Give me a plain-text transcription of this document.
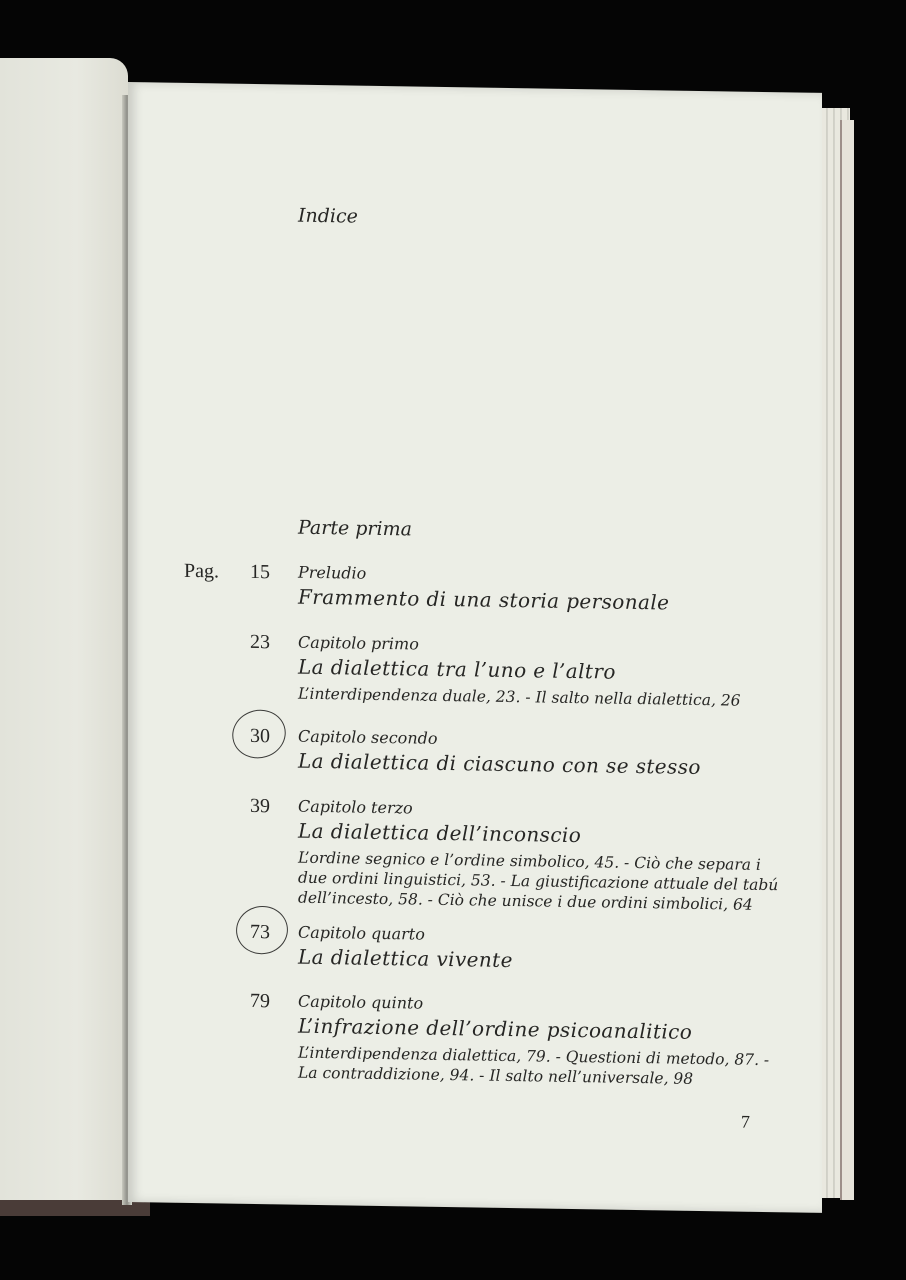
Indice
Parte prima
Pag.	15 Preludio
Frammento di una storia personale
23 Capitolo primo
La dialettica tra l’uno e l’altro
L’interdipendenza duale, 23. - Il salto nella dialettica, 26
30 Capitolo secondo
La dialettica di ciascuno con se stesso
39 Capitolo terzo
La dialettica dell’inconscio
L’ordine segnico e l’ordine simbolico, 45. - Ciò che separa i
due ordini linguistici, 53. - La giustificazione attuale del tabú
dell’incesto, 58. - Ciò che unisce i due ordini simbolici, 64
73 Capitolo quarto
La dialettica vivente
79 Capitolo quinto
L’infrazione dell’ordine psicoanalitico
L’interdipendenza dialettica, 79. - Questioni di metodo, 87. -
La contraddizione, 94. - Il salto nell’universale, 98
7
